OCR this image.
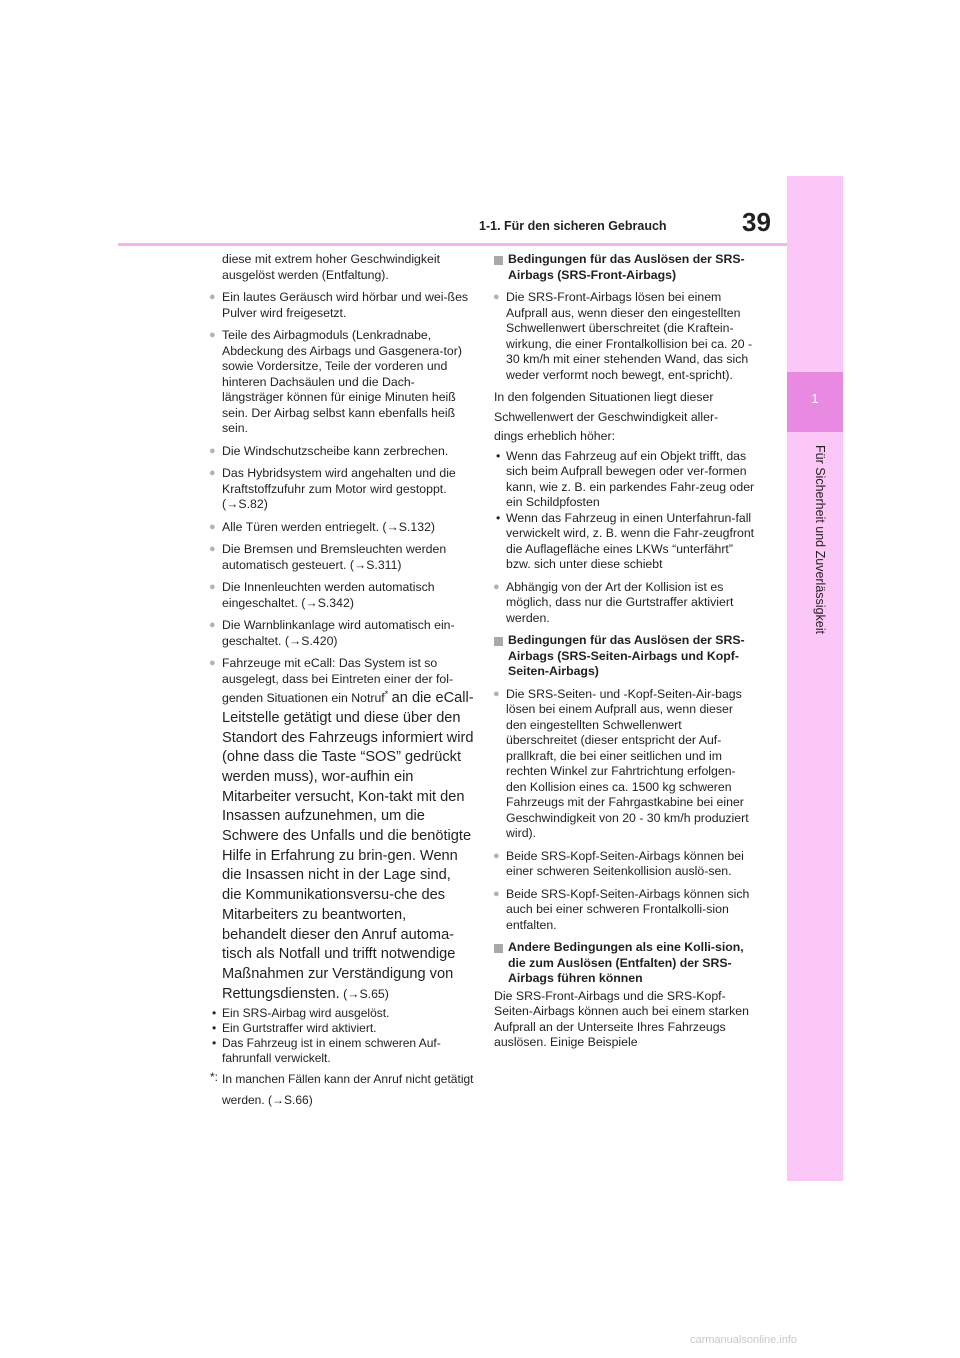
1
Für Sicherheit und Zuverlässigkeit
1-1. Für den sicheren Gebrauch	39

diese mit extrem hoher Geschwindigkeit ausgelöst werden (Entfaltung).

● Ein lautes Geräusch wird hörbar und wei-ßes Pulver wird freigesetzt.

● Teile des Airbagmoduls (Lenkradnabe, Abdeckung des Airbags und Gasgenera-tor) sowie Vordersitze, Teile der vorderen und hinteren Dachsäulen und die Dach-längsträger können für einige Minuten heiß sein. Der Airbag selbst kann ebenfalls heiß sein.

● Die Windschutzscheibe kann zerbrechen.

● Das Hybridsystem wird angehalten und die Kraftstoffzufuhr zum Motor wird gestoppt. (→S.82)

● Alle Türen werden entriegelt. (→S.132)

● Die Bremsen und Bremsleuchten werden automatisch gesteuert. (→S.311)

● Die Innenleuchten werden automatisch eingeschaltet. (→S.342)

● Die Warnblinkanlage wird automatisch ein-geschaltet. (→S.420)

● Fahrzeuge mit eCall: Das System ist so ausgelegt, dass bei Eintreten einer der fol-genden Situationen ein Notruf* an die eCall-Leitstelle getätigt und diese über den Standort des Fahrzeugs informiert wird (ohne dass die Taste “SOS” gedrückt werden muss), wor-aufhin ein Mitarbeiter versucht, Kon-takt mit den Insassen aufzunehmen, um die Schwere des Unfalls und die benötigte Hilfe in Erfahrung zu brin-gen. Wenn die Insassen nicht in der Lage sind, die Kommunikationsversu-che des Mitarbeiters zu beantworten, behandelt dieser den Anruf automa-tisch als Notfall und trifft notwendige Maßnahmen zur Verständigung von Rettungsdiensten. (→S.65)

• Ein SRS-Airbag wird ausgelöst.

• Ein Gurtstraffer wird aktiviert.

• Das Fahrzeug ist in einem schweren Auf-fahrunfall verwickelt.

*: In manchen Fällen kann der Anruf nicht getätigt werden. (→S.66)

Bedingungen für das Auslösen der SRS-Airbags (SRS-Front-Airbags)

● Die SRS-Front-Airbags lösen bei einem Aufprall aus, wenn dieser den eingestellten Schwellenwert überschreitet (die Kraftein-wirkung, die einer Frontalkollision bei ca. 20 - 30 km/h mit einer stehenden Wand, das sich weder verformt noch bewegt, ent-spricht).

In den folgenden Situationen liegt dieser

Schwellenwert der Geschwindigkeit aller-

dings erheblich höher:

• Wenn das Fahrzeug auf ein Objekt trifft, das sich beim Aufprall bewegen oder ver-formen kann, wie z. B. ein parkendes Fahr-zeug oder ein Schildpfosten

• Wenn das Fahrzeug in einen Unterfahrun-fall verwickelt wird, z. B. wenn die Fahr-zeugfront die Auflagefläche eines LKWs “unterfährt” bzw. sich unter diese schiebt

● Abhängig von der Art der Kollision ist es möglich, dass nur die Gurtstraffer aktiviert werden.

Bedingungen für das Auslösen der SRS-Airbags (SRS-Seiten-Airbags und Kopf-Seiten-Airbags)

● Die SRS-Seiten- und -Kopf-Seiten-Air-bags lösen bei einem Aufprall aus, wenn dieser den eingestellten Schwellenwert überschreitet (dieser entspricht der Auf-prallkraft, die bei einer seitlichen und im rechten Winkel zur Fahrtrichtung erfolgen-den Kollision eines ca. 1500 kg schweren Fahrzeugs mit der Fahrgastkabine bei einer Geschwindigkeit von 20 - 30 km/h produziert wird).

● Beide SRS-Kopf-Seiten-Airbags können bei einer schweren Seitenkollision auslö-sen.

● Beide SRS-Kopf-Seiten-Airbags können sich auch bei einer schweren Frontalkolli-sion entfalten.

Andere Bedingungen als eine Kolli-sion, die zum Auslösen (Entfalten) der SRS-Airbags führen können

Die SRS-Front-Airbags und die SRS-Kopf-Seiten-Airbags können auch bei einem starken Aufprall an der Unterseite Ihres Fahrzeugs auslösen. Einige Beispiele

carmanualsonline.info
